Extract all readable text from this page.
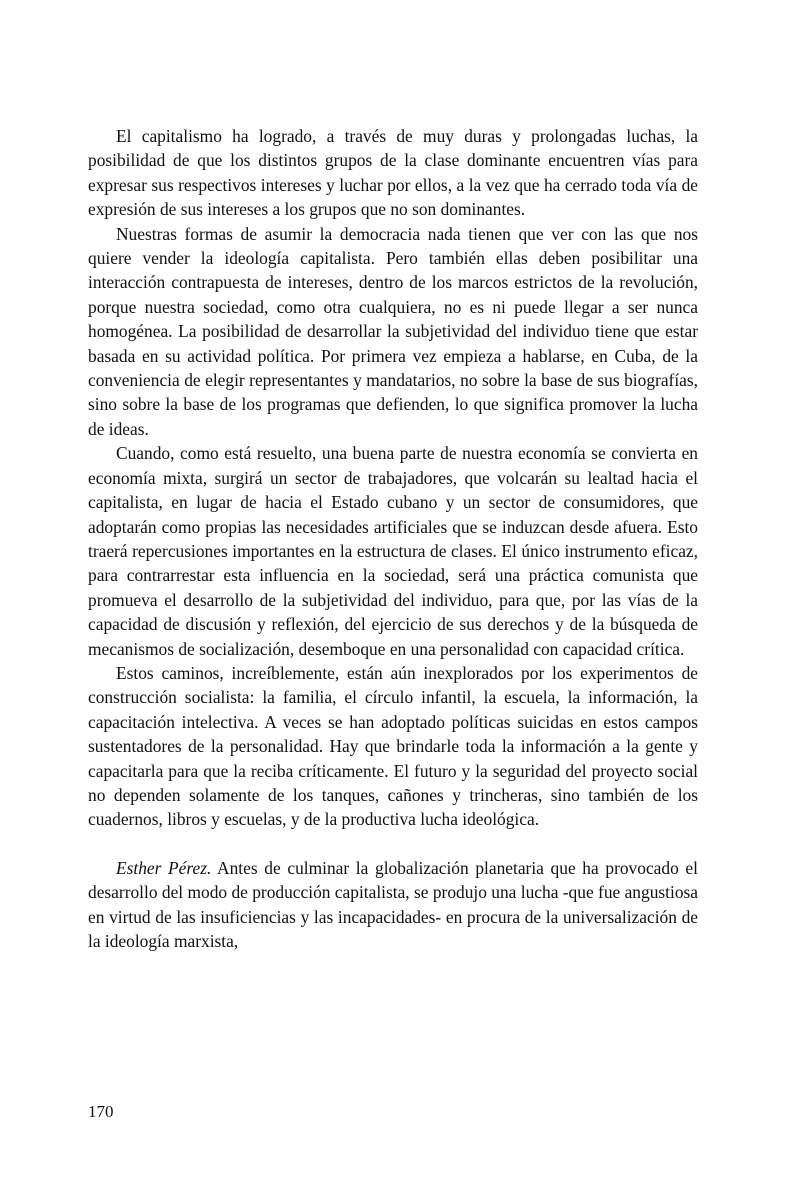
El capitalismo ha logrado, a través de muy duras y prolongadas luchas, la posibilidad de que los distintos grupos de la clase dominante encuentren vías para expresar sus respectivos intereses y luchar por ellos, a la vez que ha cerrado toda vía de expresión de sus intereses a los grupos que no son dominantes.

Nuestras formas de asumir la democracia nada tienen que ver con las que nos quiere vender la ideología capitalista. Pero también ellas deben posibilitar una interacción contrapuesta de intereses, dentro de los marcos estrictos de la revolución, porque nuestra sociedad, como otra cualquiera, no es ni puede llegar a ser nunca homogénea. La posibilidad de desarrollar la subjetividad del individuo tiene que estar basada en su actividad política. Por primera vez empieza a hablarse, en Cuba, de la conveniencia de elegir representantes y mandatarios, no sobre la base de sus biografías, sino sobre la base de los programas que defienden, lo que significa promover la lucha de ideas.

Cuando, como está resuelto, una buena parte de nuestra economía se convierta en economía mixta, surgirá un sector de trabajadores, que volcarán su lealtad hacia el capitalista, en lugar de hacia el Estado cubano y un sector de consumidores, que adoptarán como propias las necesidades artificiales que se induzcan desde afuera. Esto traerá repercusiones importantes en la estructura de clases. El único instrumento eficaz, para contrarrestar esta influencia en la sociedad, será una práctica comunista que promueva el desarrollo de la subjetividad del individuo, para que, por las vías de la capacidad de discusión y reflexión, del ejercicio de sus derechos y de la búsqueda de mecanismos de socialización, desemboque en una personalidad con capacidad crítica.

Estos caminos, increíblemente, están aún inexplorados por los experimentos de construcción socialista: la familia, el círculo infantil, la escuela, la información, la capacitación intelectiva. A veces se han adoptado políticas suicidas en estos campos sustentadores de la personalidad. Hay que brindarle toda la información a la gente y capacitarla para que la reciba críticamente. El futuro y la seguridad del proyecto social no dependen solamente de los tanques, cañones y trincheras, sino también de los cuadernos, libros y escuelas, y de la productiva lucha ideológica.

Esther Pérez. Antes de culminar la globalización planetaria que ha provocado el desarrollo del modo de producción capitalista, se produjo una lucha -que fue angustiosa en virtud de las insuficiencias y las incapacidades- en procura de la universalización de la ideología marxista,

170
